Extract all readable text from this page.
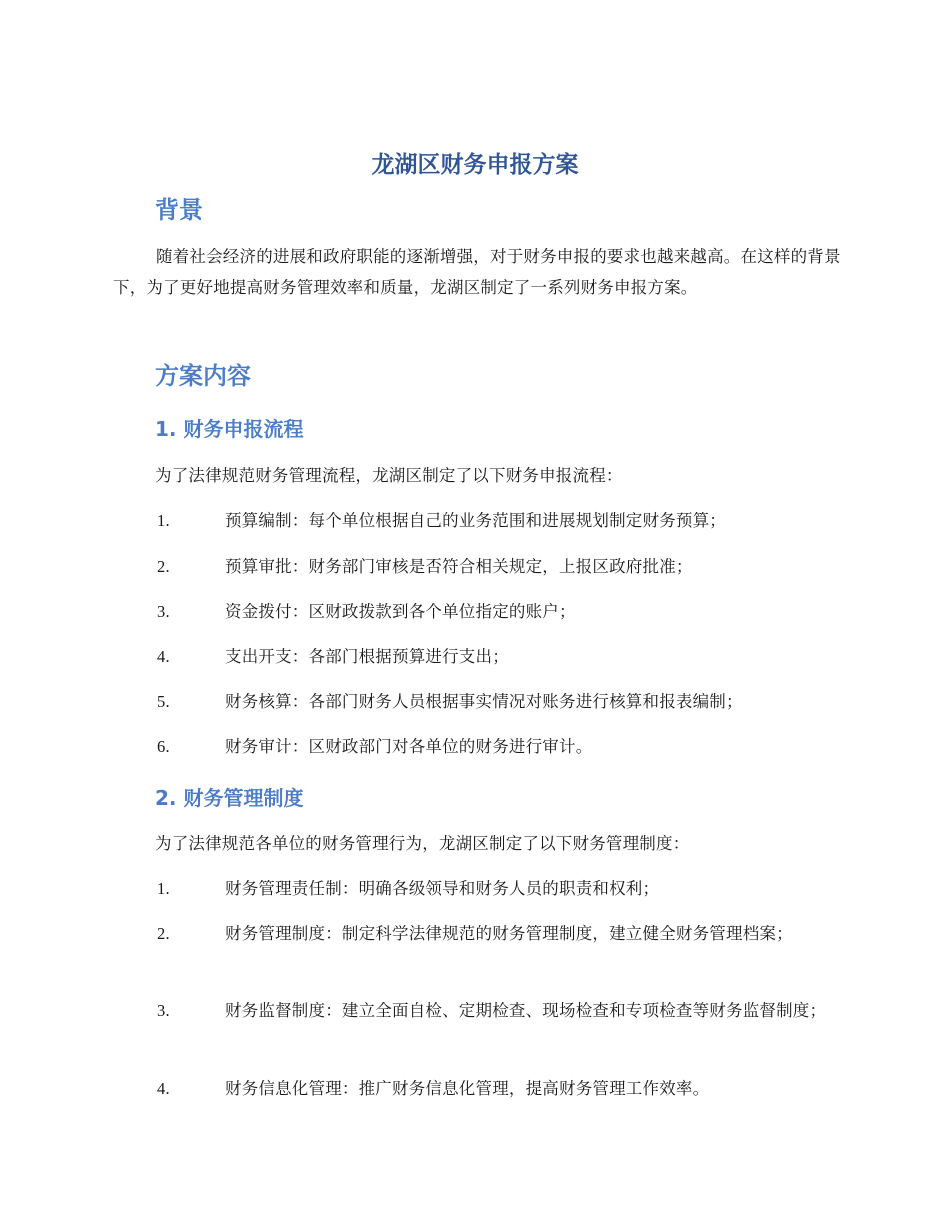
龙湖区财务申报方案
背景

随着社会经济的进展和政府职能的逐渐增强，对于财务申报的要求也越来越高。在这样的背景下，为了更好地提高财务管理效率和质量，龙湖区制定了一系列财务申报方案。

方案内容
1. 财务申报流程

为了法律规范财务管理流程，龙湖区制定了以下财务申报流程：

1.	预算编制：每个单位根据自己的业务范围和进展规划制定财务预算；

2.	预算审批：财务部门审核是否符合相关规定，上报区政府批准；

3.	资金拨付：区财政拨款到各个单位指定的账户；

4.	支出开支：各部门根据预算进行支出；

5.	财务核算：各部门财务人员根据事实情况对账务进行核算和报表编制；

6.	财务审计：区财政部门对各单位的财务进行审计。

2. 财务管理制度

为了法律规范各单位的财务管理行为，龙湖区制定了以下财务管理制度：

1.	财务管理责任制：明确各级领导和财务人员的职责和权利；

2.	财务管理制度：制定科学法律规范的财务管理制度，建立健全财务管理档案；

3.	财务监督制度：建立全面自检、定期检查、现场检查和专项检查等财务监督制度；

4.	财务信息化管理：推广财务信息化管理，提高财务管理工作效率。
